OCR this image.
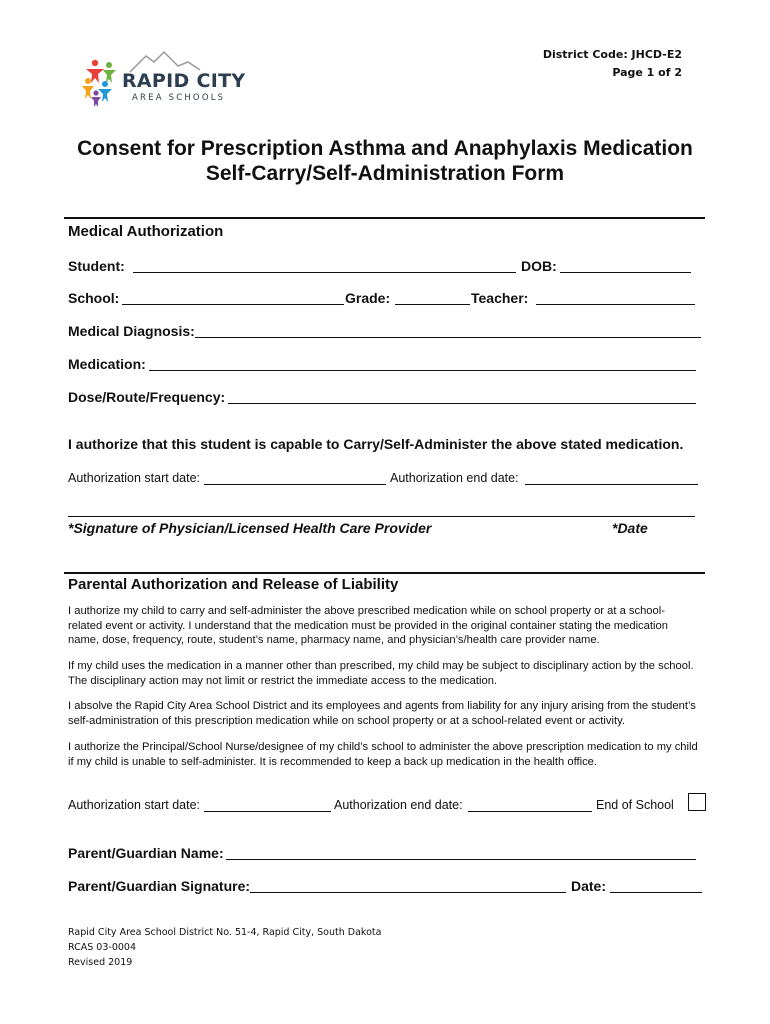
District Code: JHCD-E2
Page 1 of 2
RAPID CITY
AREA SCHOOLS
Consent for Prescription Asthma and Anaphylaxis Medication
Self-Carry/Self-Administration Form
Medical Authorization
Student:	DOB:
School:	Grade:	Teacher:
Medical Diagnosis:
Medication:
Dose/Route/Frequency:
I authorize that this student is capable to Carry/Self-Administer the above stated medication.
Authorization start date:	Authorization end date:
*Signature of Physician/Licensed Health Care Provider	*Date
Parental Authorization and Release of Liability
I authorize my child to carry and self-administer the above prescribed medication while on school property or at a school-related event or activity. I understand that the medication must be provided in the original container stating the medication name, dose, frequency, route, student’s name, pharmacy name, and physician’s/health care provider name.
If my child uses the medication in a manner other than prescribed, my child may be subject to disciplinary action by the school. The disciplinary action may not limit or restrict the immediate access to the medication.
I absolve the Rapid City Area School District and its employees and agents from liability for any injury arising from the student’s self-administration of this prescription medication while on school property or at a school-related event or activity.
I authorize the Principal/School Nurse/designee of my child’s school to administer the above prescription medication to my child if my child is unable to self-administer. It is recommended to keep a back up medication in the health office.
Authorization start date:	Authorization end date:	End of School
Parent/Guardian Name:
Parent/Guardian Signature:	Date:
Rapid City Area School District No. 51-4, Rapid City, South Dakota
RCAS 03-0004
Revised 2019
